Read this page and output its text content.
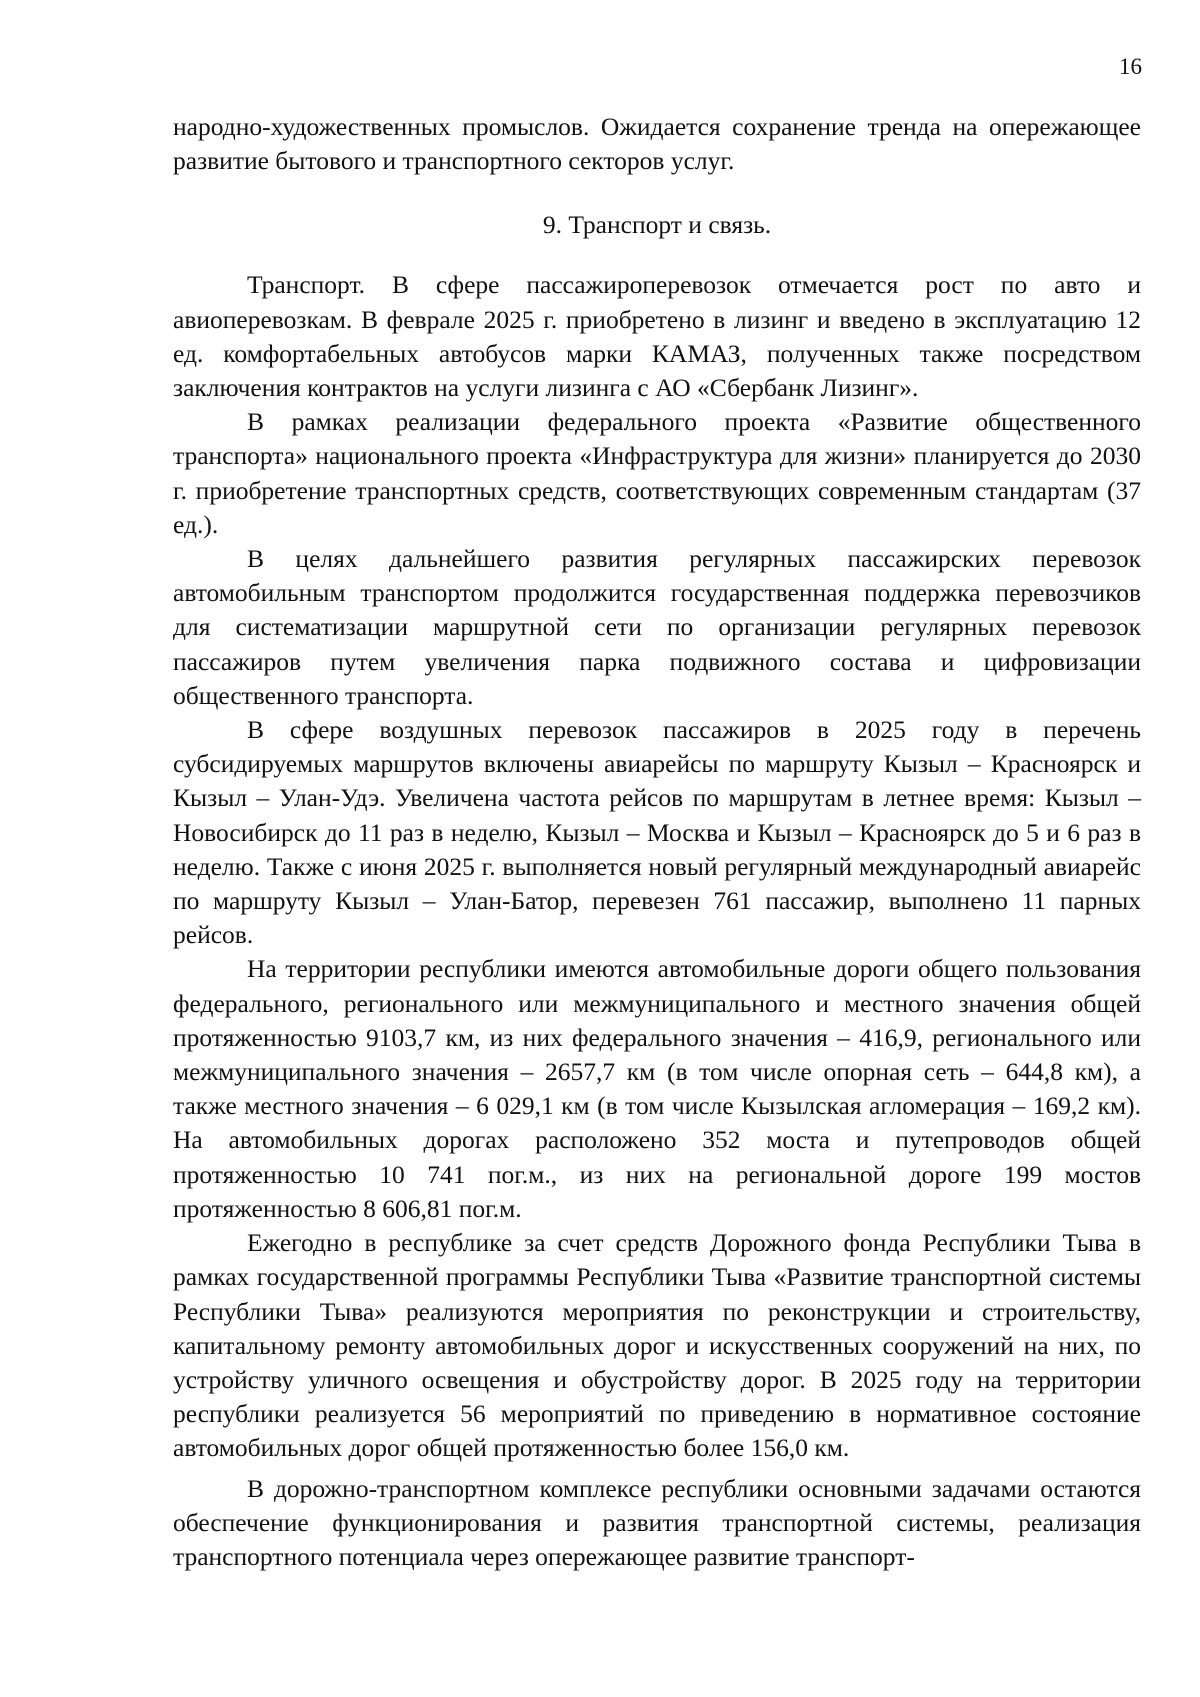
16

народно-художественных промыслов. Ожидается сохранение тренда на опережающее развитие бытового и транспортного секторов услуг.

9. Транспорт и связь.

Транспорт. В сфере пассажироперевозок отмечается рост по авто и авиоперевозкам. В феврале 2025 г. приобретено в лизинг и введено в эксплуатацию 12 ед. комфортабельных автобусов марки КАМАЗ, полученных также посредством заключения контрактов на услуги лизинга с АО «Сбербанк Лизинг».

В рамках реализации федерального проекта «Развитие общественного транспорта» национального проекта «Инфраструктура для жизни» планируется до 2030 г. приобретение транспортных средств, соответствующих современным стандартам (37 ед.).

В целях дальнейшего развития регулярных пассажирских перевозок автомобильным транспортом продолжится государственная поддержка перевозчиков для систематизации маршрутной сети по организации регулярных перевозок пассажиров путем увеличения парка подвижного состава и цифровизации общественного транспорта.

В сфере воздушных перевозок пассажиров в 2025 году в перечень субсидируемых маршрутов включены авиарейсы по маршруту Кызыл – Красноярск и Кызыл – Улан-Удэ. Увеличена частота рейсов по маршрутам в летнее время: Кызыл – Новосибирск до 11 раз в неделю, Кызыл – Москва и Кызыл – Красноярск до 5 и 6 раз в неделю. Также с июня 2025 г. выполняется новый регулярный международный авиарейс по маршруту Кызыл – Улан-Батор, перевезен 761 пассажир, выполнено 11 парных рейсов.

На территории республики имеются автомобильные дороги общего пользования федерального, регионального или межмуниципального и местного значения общей протяженностью 9103,7 км, из них федерального значения – 416,9, регионального или межмуниципального значения – 2657,7 км (в том числе опорная сеть – 644,8 км), а также местного значения – 6 029,1 км (в том числе Кызылская агломерация – 169,2 км). На автомобильных дорогах расположено 352 моста и путепроводов общей протяженностью 10 741 пог.м., из них на региональной дороге 199 мостов протяженностью 8 606,81 пог.м.

Ежегодно в республике за счет средств Дорожного фонда Республики Тыва в рамках государственной программы Республики Тыва «Развитие транспортной системы Республики Тыва» реализуются мероприятия по реконструкции и строительству, капитальному ремонту автомобильных дорог и искусственных сооружений на них, по устройству уличного освещения и обустройству дорог. В 2025 году на территории республики реализуется 56 мероприятий по приведению в нормативное состояние автомобильных дорог общей протяженностью более 156,0 км.

В дорожно-транспортном комплексе республики основными задачами остаются обеспечение функционирования и развития транспортной системы, реализация транспортного потенциала через опережающее развитие транспорт-
